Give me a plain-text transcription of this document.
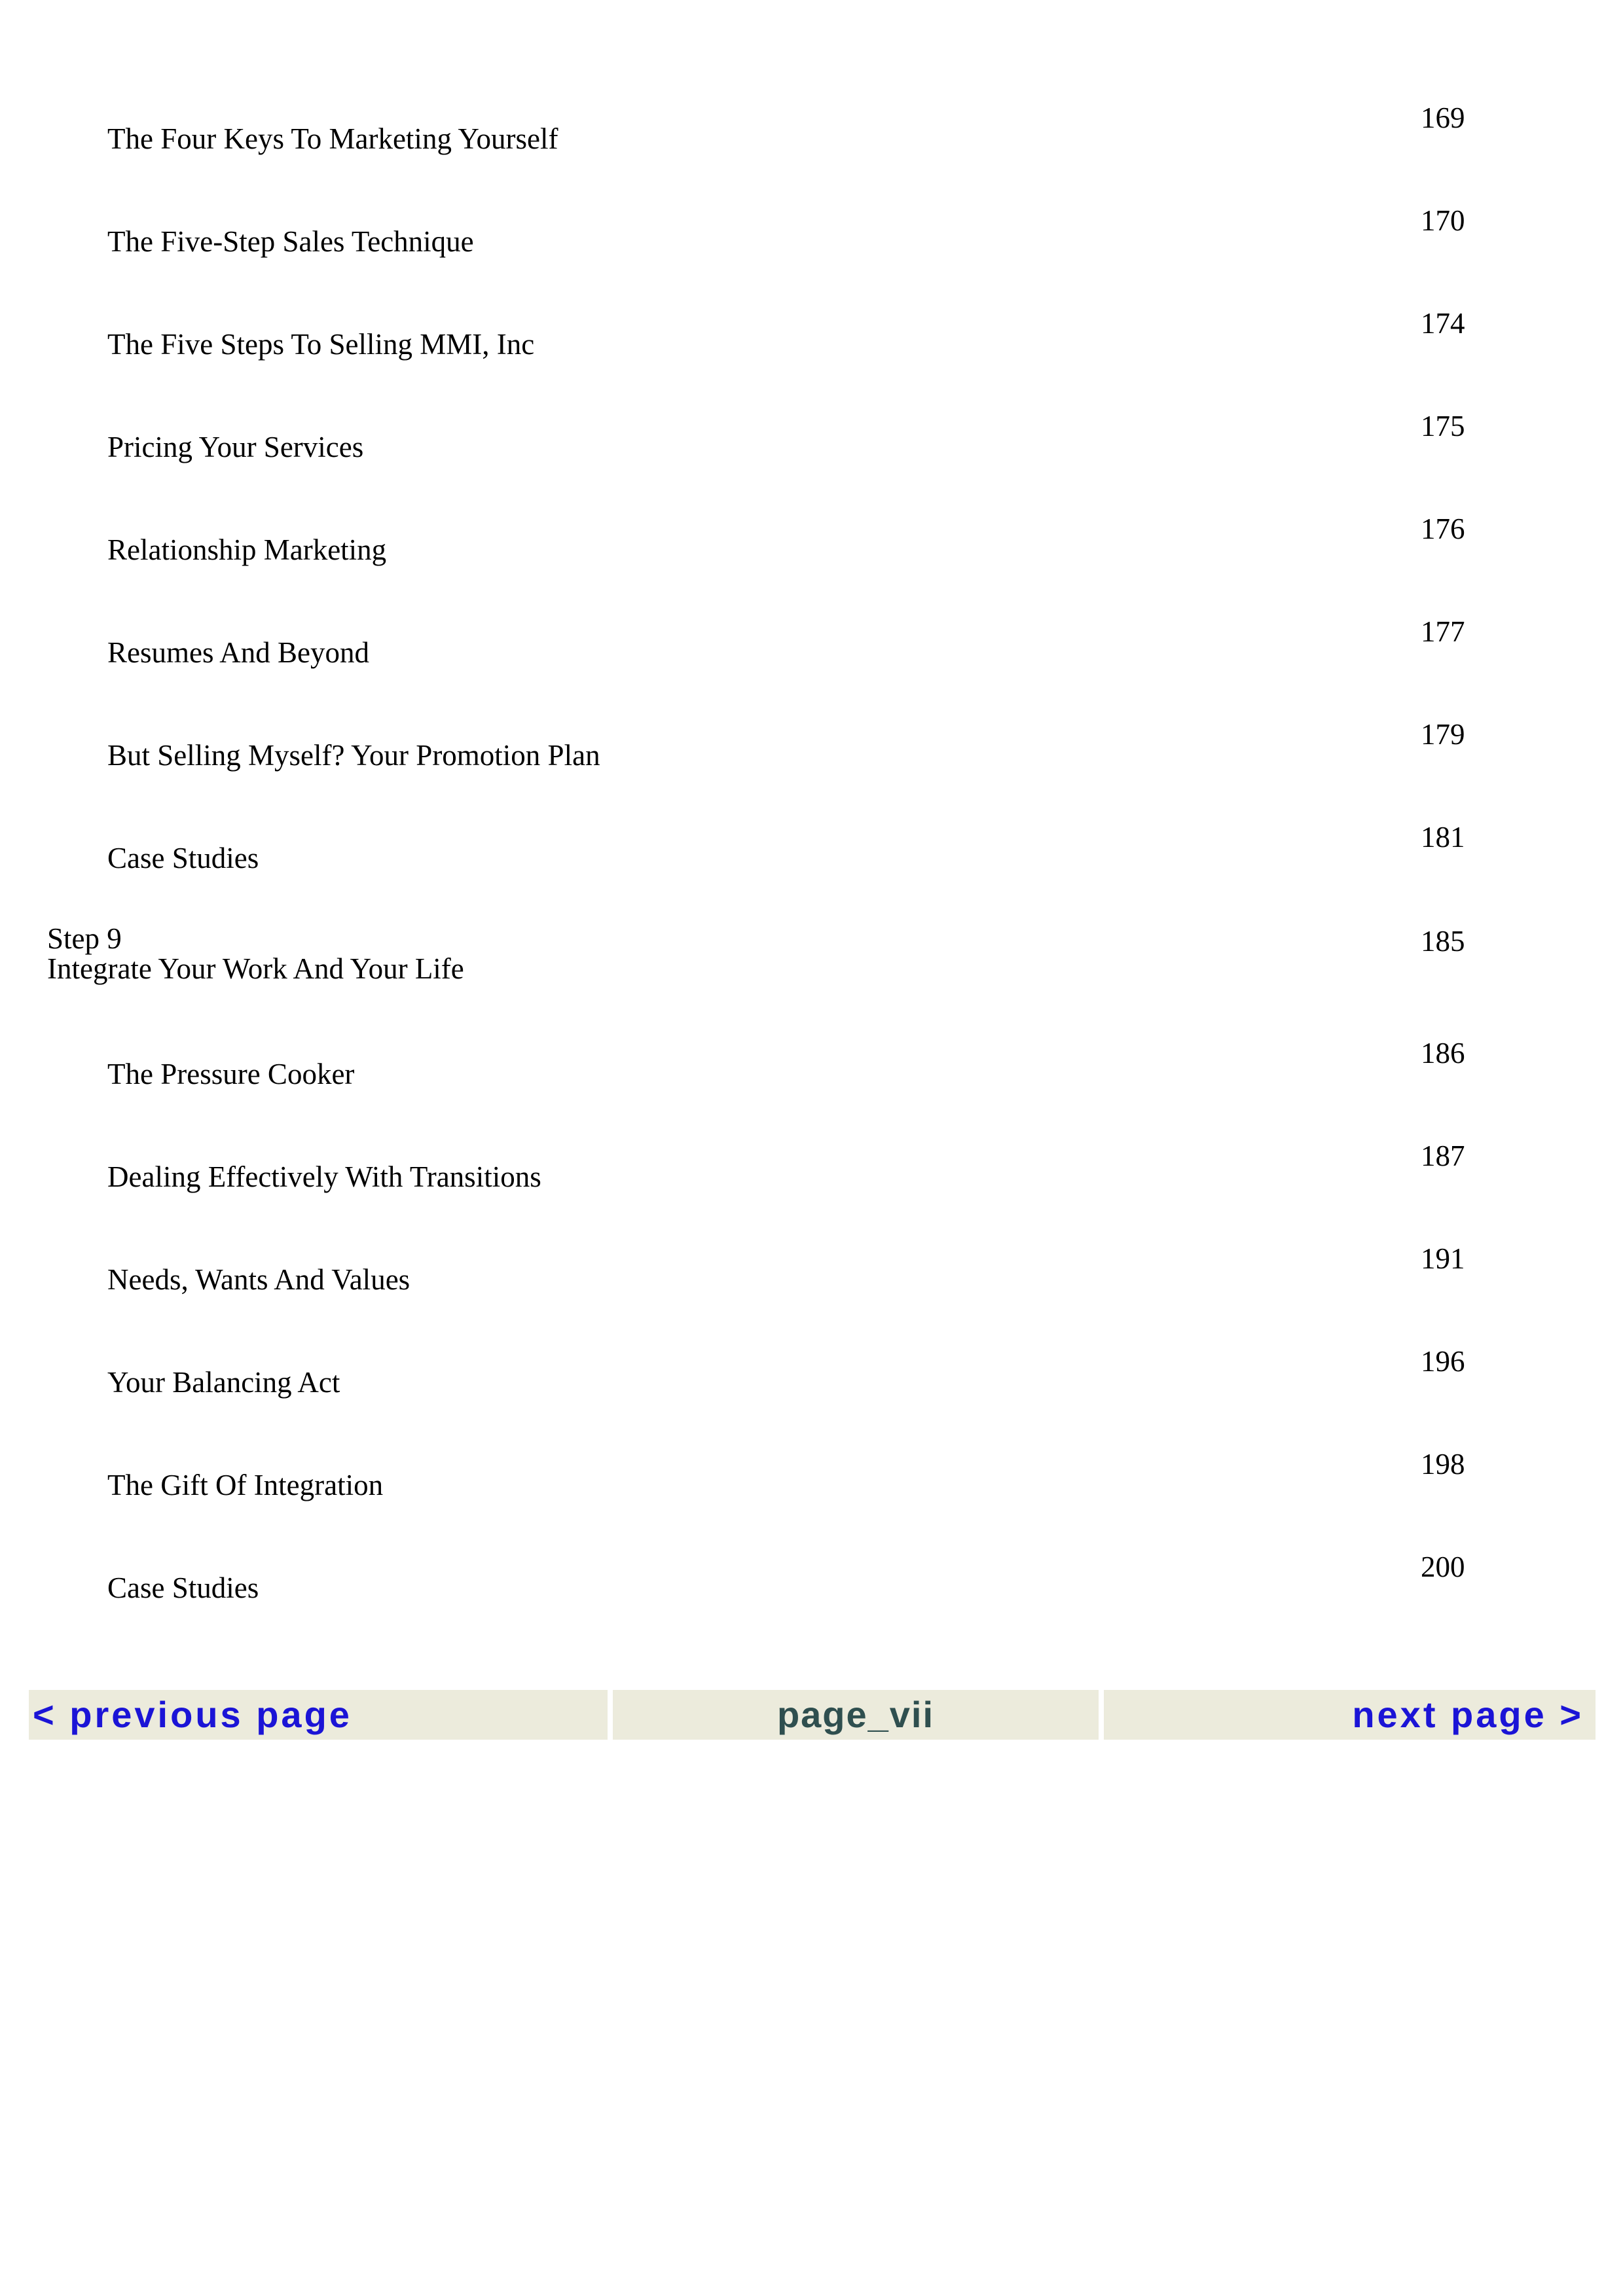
The Four Keys To Marketing Yourself
169
The Five-Step Sales Technique
170
The Five Steps To Selling MMI, Inc
174
Pricing Your Services
175
Relationship Marketing
176
Resumes And Beyond
177
But Selling Myself? Your Promotion Plan
179
Case Studies
181
Step 9
Integrate Your Work And Your Life
185
The Pressure Cooker
186
Dealing Effectively With Transitions
187
Needs, Wants And Values
191
Your Balancing Act
196
The Gift Of Integration
198
Case Studies
200
< previous page	page_vii	next page >
